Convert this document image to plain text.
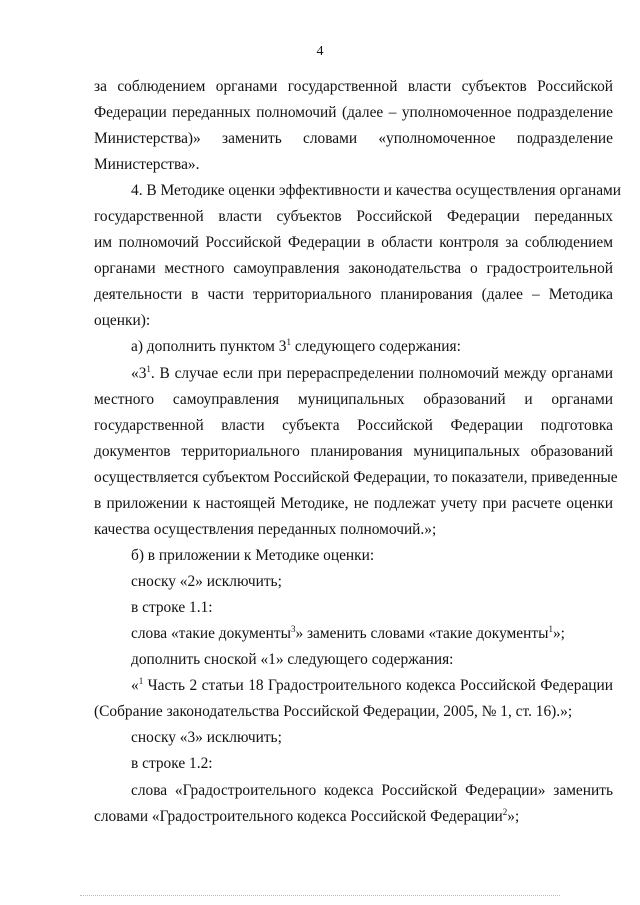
4
за соблюдением органами государственной власти субъектов Российской
Федерации переданных полномочий (далее – уполномоченное подразделение
Министерства)» заменить словами «уполномоченное подразделение
Министерства».
4. В Методике оценки эффективности и качества осуществления органами
государственной власти субъектов Российской Федерации переданных
им полномочий Российской Федерации в области контроля за соблюдением
органами местного самоуправления законодательства о градостроительной
деятельности в части территориального планирования (далее – Методика
оценки):
а) дополнить пунктом $3^1$ следующего содержания:
«$3^1$. В случае если при перераспределении полномочий между органами
местного самоуправления муниципальных образований и органами
государственной власти субъекта Российской Федерации подготовка
документов территориального планирования муниципальных образований
осуществляется субъектом Российской Федерации, то показатели, приведенные
в приложении к настоящей Методике, не подлежат учету при расчете оценки
качества осуществления переданных полномочий.»;
б) в приложении к Методике оценки:
сноску «2» исключить;
в строке 1.1:
слова «такие документы$^3$» заменить словами «такие документы$^1$»;
дополнить сноской «1» следующего содержания:
«$^1$ Часть 2 статьи 18 Градостроительного кодекса Российской Федерации
(Собрание законодательства Российской Федерации, 2005, № 1, ст. 16).»;
сноску «3» исключить;
в строке 1.2:
слова «Градостроительного кодекса Российской Федерации» заменить
словами «Градостроительного кодекса Российской Федерации$^2$»;
